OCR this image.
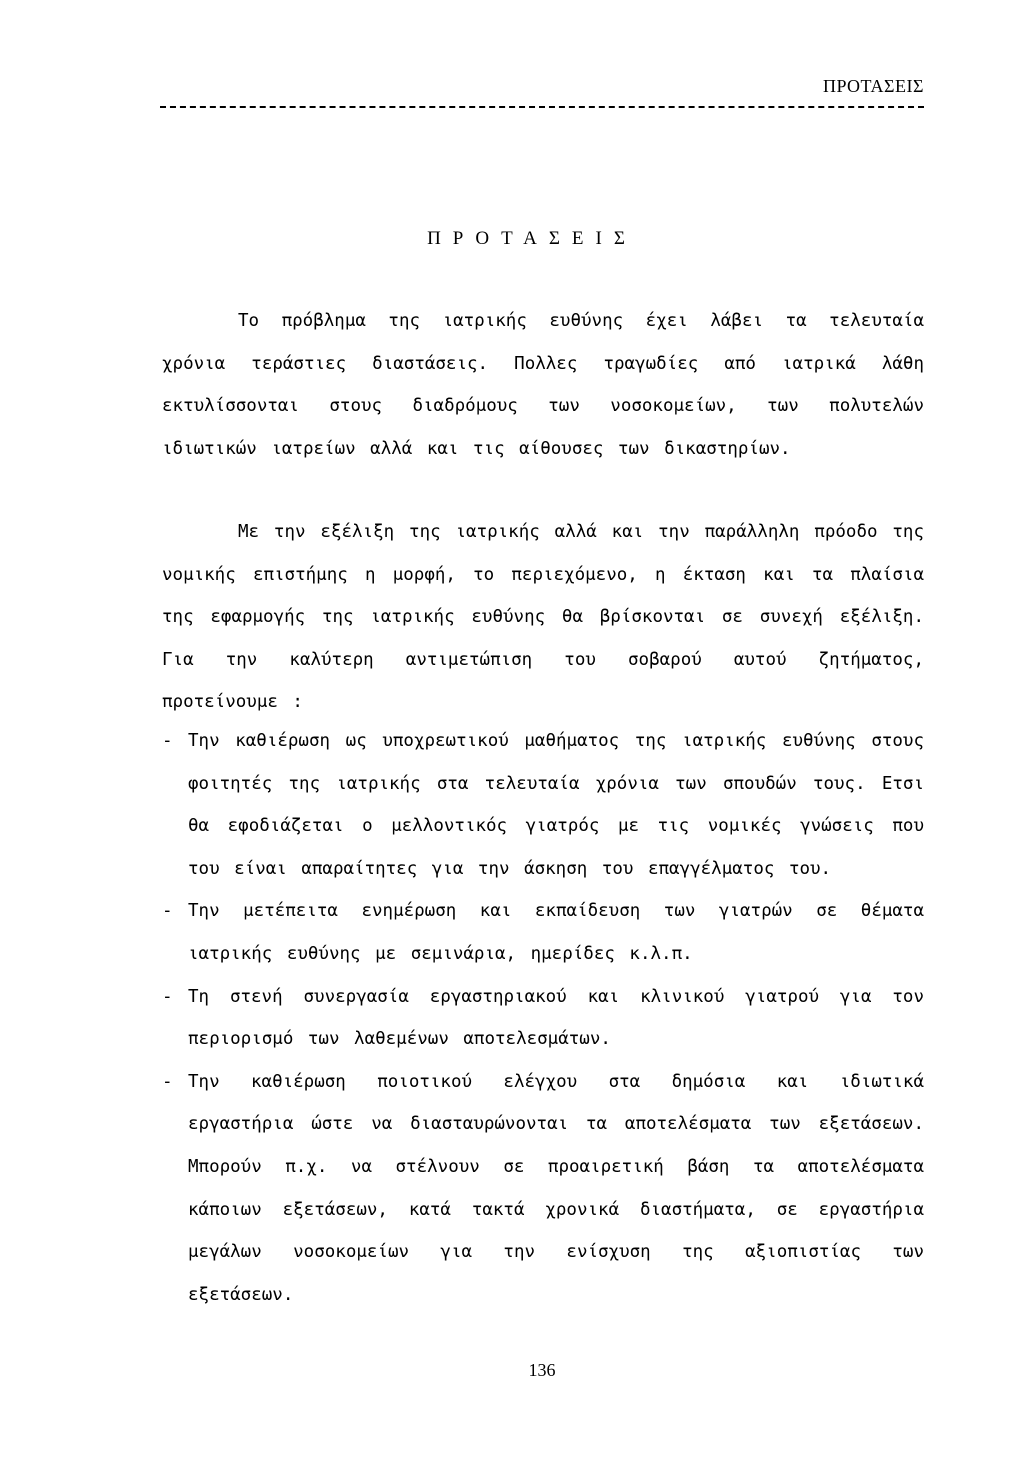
ΠΡΟΤΑΣΕΙΣ
ΠΡΟΤΑΣΕΙΣ

Το πρόβλημα της ιατρικής ευθύνης έχει λάβει τα τελευταία χρόνια τεράστιες διαστάσεις. Πολλες τραγωδίες από ιατρικά λάθη εκτυλίσσονται στους διαδρόμους των νοσοκομείων, των πολυτελών ιδιωτικών ιατρείων αλλά και τις αίθουσες των δικαστηρίων.

Με την εξέλιξη της ιατρικής αλλά και την παράλληλη πρόοδο της νομικής επιστήμης η μορφή, το περιεχόμενο, η έκταση και τα πλαίσια της εφαρμογής της ιατρικής ευθύνης θα βρίσκονται σε συνεχή εξέλιξη. Για την καλύτερη αντιμετώπιση του σοβαρού αυτού ζητήματος, προτείνουμε :

- Την καθιέρωση ως υποχρεωτικού μαθήματος της ιατρικής ευθύνης στους φοιτητές της ιατρικής στα τελευταία χρόνια των σπουδών τους. Ετσι θα εφοδιάζεται ο μελλοντικός γιατρός με τις νομικές γνώσεις που του είναι απαραίτητες για την άσκηση του επαγγέλματος του.
- Την μετέπειτα ενημέρωση και εκπαίδευση των γιατρών σε θέματα ιατρικής ευθύνης με σεμινάρια, ημερίδες κ.λ.π.
- Τη στενή συνεργασία εργαστηριακού και κλινικού γιατρού για τον περιορισμό των λαθεμένων αποτελεσμάτων.
- Την καθιέρωση ποιοτικού ελέγχου στα δημόσια και ιδιωτικά εργαστήρια ώστε να διασταυρώνονται τα αποτελέσματα των εξετάσεων. Μπορούν π.χ. να στέλνουν σε προαιρετική βάση τα αποτελέσματα κάποιων εξετάσεων, κατά τακτά χρονικά διαστήματα, σε εργαστήρια μεγάλων νοσοκομείων για την ενίσχυση της αξιοπιστίας των εξετάσεων.
136
